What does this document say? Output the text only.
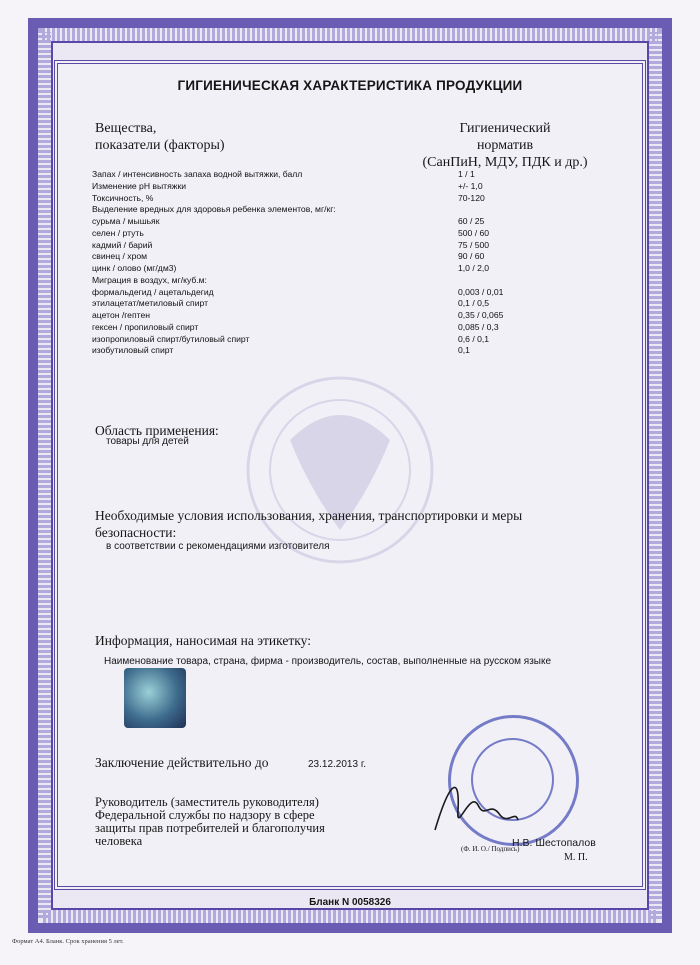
ГИГИЕНИЧЕСКАЯ ХАРАКТЕРИСТИКА ПРОДУКЦИИ
Вещества,
показатели (факторы)
Гигиенический
норматив
(СанПиН, МДУ, ПДК и др.)
Запах / интенсивность запаха водной вытяжки, балл	1 / 1
Изменение рН вытяжки	+/- 1,0
Токсичность, %	70-120
Выделение вредных для здоровья ребенка элементов, мг/кг:
сурьма / мышьяк	60 / 25
селен / ртуть	500 / 60
кадмий / барий	75 / 500
свинец / хром	90 / 60
цинк / олово (мг/дм3)	1,0 / 2,0
Миграция в воздух, мг/куб.м:
формальдегид / ацетальдегид	0,003 / 0,01
этилацетат/метиловый спирт	0,1 / 0,5
ацетон /гептен	0,35 / 0,065
гексен / пропиловый спирт	0,085 / 0,3
изопропиловый спирт/бутиловый спирт	0,6 / 0,1
изобутиловый спирт	0,1
Область применения:
товары для детей
Необходимые условия использования, хранения, транспортировки и меры
безопасности:
в соответствии с рекомендациями изготовителя
Информация, наносимая на этикетку:
Наименование товара, страна, фирма - производитель, состав, выполненные на русском языке
Заключение действительно до	23.12.2013 г.
Руководитель (заместитель руководителя)
Федеральной службы по надзору в сфере
защиты прав потребителей и благополучия
человека	Н.В. Шестопалов
(Ф. И. О./ Подпись)
М. П.
Бланк N 0058326
Формат А4. Бланк. Срок хранения 5 лет.
